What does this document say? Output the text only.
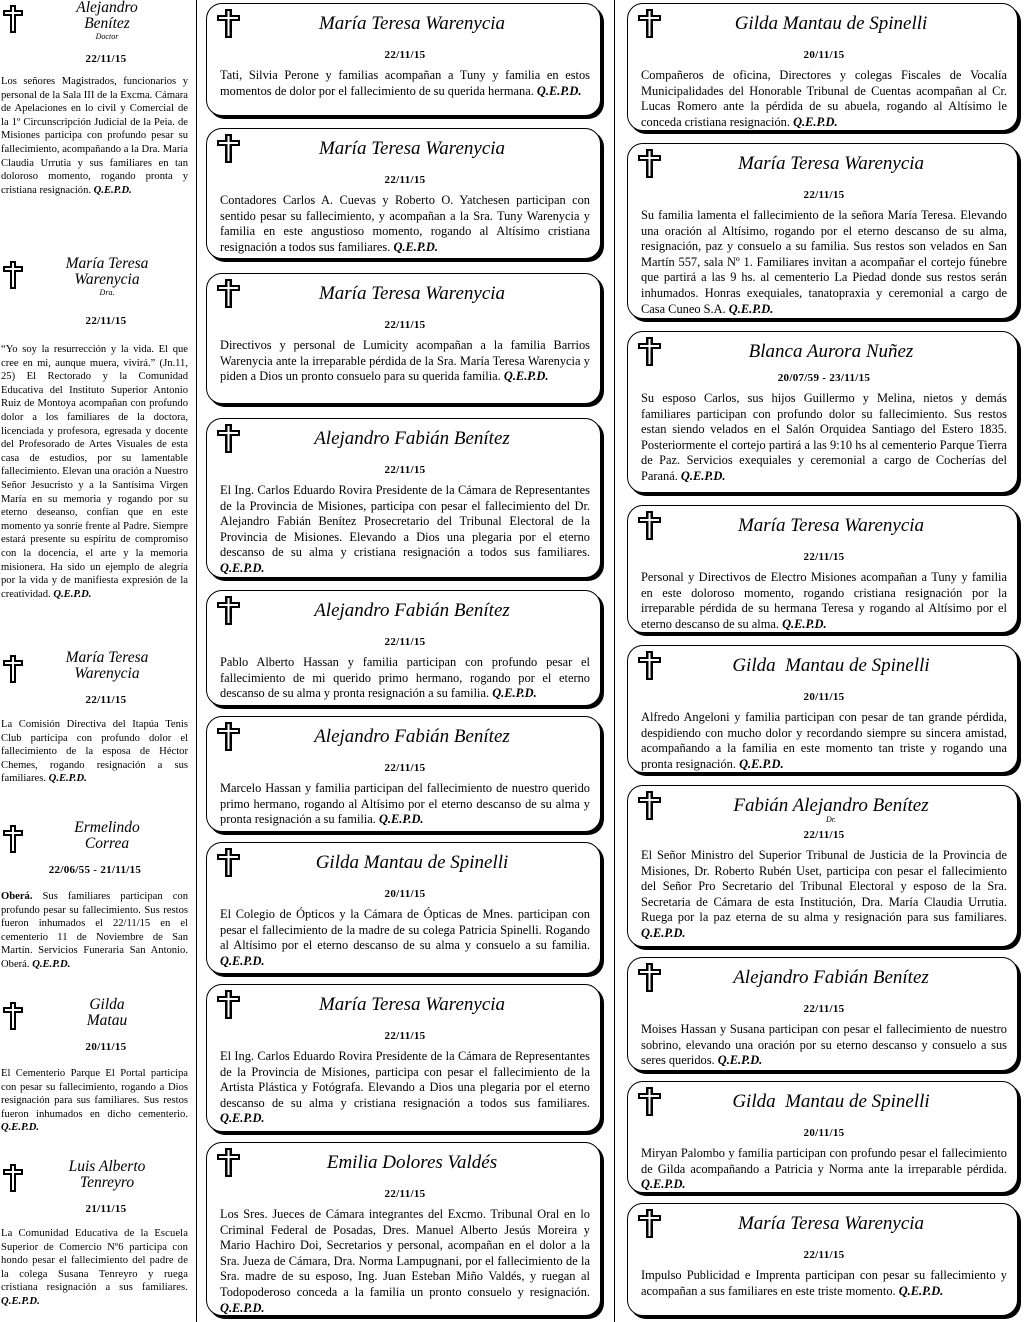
Alejandro
Benítez
Doctor
22/11/15

Los señores Magistrados, funcionarios y personal de la Sala III de la Excma. Cámara de Apelaciones en lo civil y Comercial de la 1º Circunscripción Judicial de la Peia. de Misiones participa con profundo pesar su fallecimiento, acompañando a la Dra. María Claudia Urrutia y sus familiares en tan doloroso momento, rogando pronta y cristiana resignación. Q.E.P.D.

María Teresa
Warenycia
Dra.
22/11/15

“Yo soy la resurrección y la vida. El que cree en mi, aunque muera, vivirá.” (Jn.11, 25) El Rectorado y la Comunidad Educativa del Instituto Superior Antonio Ruiz de Montoya acompañan con profundo dolor a los familiares de la doctora, licenciada y profesora, egresada y docente del Profesorado de Artes Visuales de esta casa de estudios, por su lamentable fallecimiento. Elevan una oración a Nuestro Señor Jesucristo y a la Santísima Virgen María en su memoria y rogando por su eterno deseanso, confían que en este momento ya sonríe frente al Padre. Siempre estará presente su espíritu de compromiso con la docencia, el arte y la memoria misionera. Ha sido un ejemplo de alegría por la vida y de manifiesta expresión de la creatividad. Q.E.P.D.

María Teresa
Warenycia
22/11/15

La Comisión Directiva del Itapúa Tenis Club participa con profundo dolor el fallecimiento de la esposa de Héctor Chemes, rogando resignación a sus familiares. Q.E.P.D.

Ermelindo
Correa
22/06/55 - 21/11/15

Oberá. Sus familiares participan con profundo pesar su fallecimiento. Sus restos fueron inhumados el 22/11/15 en el cementerio 11 de Noviembre de San Martín. Servicios Funeraria San Antonio. Oberá. Q.E.P.D.

Gilda
Matau
20/11/15

El Cementerio Parque El Portal participa con pesar su fallecimiento, rogando a Dios resignación para sus familiares. Sus restos fueron inhumados en dicho cementerio. Q.E.P.D.

Luis Alberto
Tenreyro
21/11/15

La Comunidad Educativa de la Escuela Superior de Comercio Nº6 participa con hondo pesar el fallecimiento del padre de la colega Susana Tenreyro y ruega cristiana resignación a sus familiares. Q.E.P.D.

María Teresa Warenycia
22/11/15

Tati, Silvia Perone y familias acompañan a Tuny y familia en estos momentos de dolor por el fallecimiento de su querida hermana. Q.E.P.D.

María Teresa Warenycia
22/11/15

Contadores Carlos A. Cuevas y Roberto O. Yatchesen participan con sentido pesar su fallecimiento, y acompañan a la Sra. Tuny Warenycia y familia en este angustioso momento, rogando al Altísimo cristiana resignación a todos sus familiares. Q.E.P.D.

María Teresa Warenycia
22/11/15

Directivos y personal de Lumicity acompañan a la familia Barrios Warenycia ante la irreparable pérdida de la Sra. María Teresa Warenycia y piden a Dios un pronto consuelo para su querida familia. Q.E.P.D.

Alejandro Fabián Benítez
22/11/15

El Ing. Carlos Eduardo Rovira Presidente de la Cámara de Representantes de la Provincia de Misiones, participa con pesar el fallecimiento del Dr. Alejandro Fabián Benítez Prosecretario del Tribunal Electoral de la Provincia de Misiones. Elevando a Dios una plegaria por el eterno descanso de su alma y cristiana resignación a todos sus familiares. Q.E.P.D.

Alejandro Fabián Benítez
22/11/15

Pablo Alberto Hassan y familia participan con profundo pesar el fallecimiento de mi querido primo hermano, rogando por el eterno descanso de su alma y pronta resignación a su familia. Q.E.P.D.

Alejandro Fabián Benítez
22/11/15

Marcelo Hassan y familia participan del fallecimiento de nuestro querido primo hermano, rogando al Altísimo por el eterno descanso de su alma y pronta resignación a su familia. Q.E.P.D.

Gilda Mantau de Spinelli
20/11/15

El Colegio de Ópticos y la Cámara de Ópticas de Mnes. participan con pesar el fallecimiento de la madre de su colega Patricia Spinelli. Rogando al Altísimo por el eterno descanso de su alma y consuelo a su familia. Q.E.P.D.

María Teresa Warenycia
22/11/15

El Ing. Carlos Eduardo Rovira Presidente de la Cámara de Representantes de la Provincia de Misiones, participa con pesar el fallecimiento de la Artista Plástica y Fotógrafa. Elevando a Dios una plegaria por el eterno descanso de su alma y cristiana resignación a todos sus familiares. Q.E.P.D.

Emilia Dolores Valdés
22/11/15

Los Sres. Jueces de Cámara integrantes del Excmo. Tribunal Oral en lo Criminal Federal de Posadas, Dres. Manuel Alberto Jesús Moreira y Mario Hachiro Doi, Secretarios y personal, acompañan en el dolor a la Sra. Jueza de Cámara, Dra. Norma Lampugnani, por el fallecimiento de la Sra. madre de su esposo, Ing. Juan Esteban Miño Valdés, y ruegan al Todopoderoso conceda a la familia un pronto consuelo y resignación. Q.E.P.D.

Gilda Mantau de Spinelli
20/11/15

Compañeros de oficina, Directores y colegas Fiscales de Vocalía Municipalidades del Honorable Tribunal de Cuentas acompañan al Cr. Lucas Romero ante la pérdida de su abuela, rogando al Altísimo le conceda cristiana resignación. Q.E.P.D.

María Teresa Warenycia
22/11/15

Su familia lamenta el fallecimiento de la señora María Teresa. Elevando una oración al Altísimo, rogando por el eterno descanso de su alma, resignación, paz y consuelo a su familia. Sus restos son velados en San Martín 557, sala Nº 1. Familiares invitan a acompañar el cortejo fúnebre que partirá a las 9 hs. al cementerio La Piedad donde sus restos serán inhumados. Honras exequiales, tanatopraxia y ceremonial a cargo de Casa Cuneo S.A. Q.E.P.D.

Blanca Aurora Nuñez
20/07/59 - 23/11/15

Su esposo Carlos, sus hijos Guillermo y Melina, nietos y demás familiares participan con profundo dolor su fallecimiento. Sus restos estan siendo velados en el Salón Orquidea Santiago del Estero 1835. Posteriormente el cortejo partirá a las 9:10 hs al cementerio Parque Tierra de Paz. Servicios exequiales y ceremonial a cargo de Cocherías del Paraná. Q.E.P.D.

María Teresa Warenycia
22/11/15

Personal y Directivos de Electro Misiones acompañan a Tuny y familia en este doloroso momento, rogando cristiana resignación por la irreparable pérdida de su hermana Teresa y rogando al Altísimo por el eterno descanso de su alma. Q.E.P.D.

Gilda  Mantau de Spinelli
20/11/15

Alfredo Angeloni y familia participan con pesar de tan grande pérdida, despidiendo con mucho dolor y recordando siempre su sincera amistad, acompañando a la familia en este momento tan triste y rogando una pronta resignación. Q.E.P.D.

Fabián Alejandro Benítez
Dr.
22/11/15

El Señor Ministro del Superior Tribunal de Justicia de la Provincia de Misiones, Dr. Roberto Rubén Uset, participa con pesar el fallecimiento del Señor Pro Secretario del Tribunal Electoral y esposo de la Sra. Secretaria de Cámara de esta Institución, Dra. María Claudia Urrutia. Ruega por la paz eterna de su alma y resignación para sus familiares. Q.E.P.D.

Alejandro Fabián Benítez
22/11/15

Moises Hassan y Susana participan con pesar el fallecimiento de nuestro sobrino, elevando una oración por su eterno descanso y consuelo a sus seres queridos. Q.E.P.D.

Gilda  Mantau de Spinelli
20/11/15

Miryan Palombo y familia participan con profundo pesar el fallecimiento de Gilda acompañando a Patricia y Norma ante la irreparable pérdida. Q.E.P.D.

María Teresa Warenycia
22/11/15

Impulso Publicidad e Imprenta participan con pesar su fallecimiento y acompañan a sus familiares en este triste momento. Q.E.P.D.
